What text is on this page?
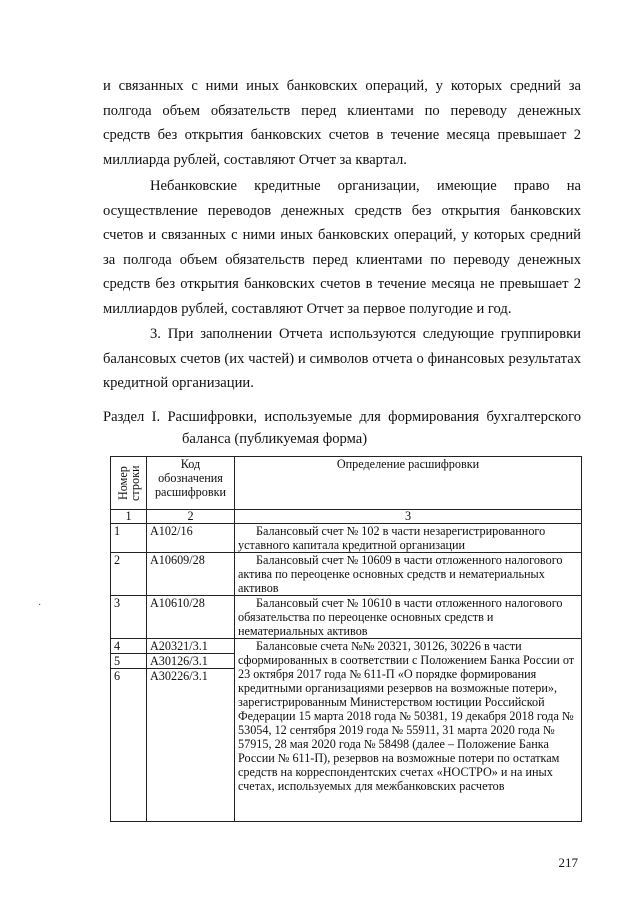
и связанных с ними иных банковских операций, у которых средний за полгода объем обязательств перед клиентами по переводу денежных средств без открытия банковских счетов в течение месяца превышает 2 миллиарда рублей, составляют Отчет за квартал.

Небанковские кредитные организации, имеющие право на осуществление переводов денежных средств без открытия банковских счетов и связанных с ними иных банковских операций, у которых средний за полгода объем обязательств перед клиентами по переводу денежных средств без открытия банковских счетов в течение месяца не превышает 2 миллиардов рублей, составляют Отчет за первое полугодие и год.

3. При заполнении Отчета используются следующие группировки балансовых счетов (их частей) и символов отчета о финансовых результатах кредитной организации.

Раздел I. Расшифровки, используемые для формирования бухгалтерского
баланса (публикуемая форма)
Номер строки	Код обозначения расшифровки	Определение расшифровки
1	2	3
1	А102/16	Балансовый счет № 102 в части незарегистрированного уставного капитала кредитной организации
2	А10609/28	Балансовый счет № 10609 в части отложенного налогового актива по переоценке основных средств и нематериальных активов
3	А10610/28	Балансовый счет № 10610 в части отложенного налогового обязательства по переоценке основных средств и нематериальных активов
4	А20321/3.1	Балансовые счета №№ 20321, 30126, 30226 в части сформированных в соответствии с Положением Банка России от 23 октября 2017 года № 611-П «О порядке формирования кредитными организациями резервов на возможные потери», зарегистрированным Министерством юстиции Российской Федерации 15 марта 2018 года № 50381, 19 декабря 2018 года № 53054, 12 сентября 2019 года № 55911, 31 марта 2020 года № 57915, 28 мая 2020 года № 58498 (далее – Положение Банка России № 611-П), резервов на возможные потери по остаткам средств на корреспондентских счетах «НОСТРО» и на иных счетах, используемых для межбанковских расчетов
5	А30126/3.1	
6	А30226/3.1	
·
217
